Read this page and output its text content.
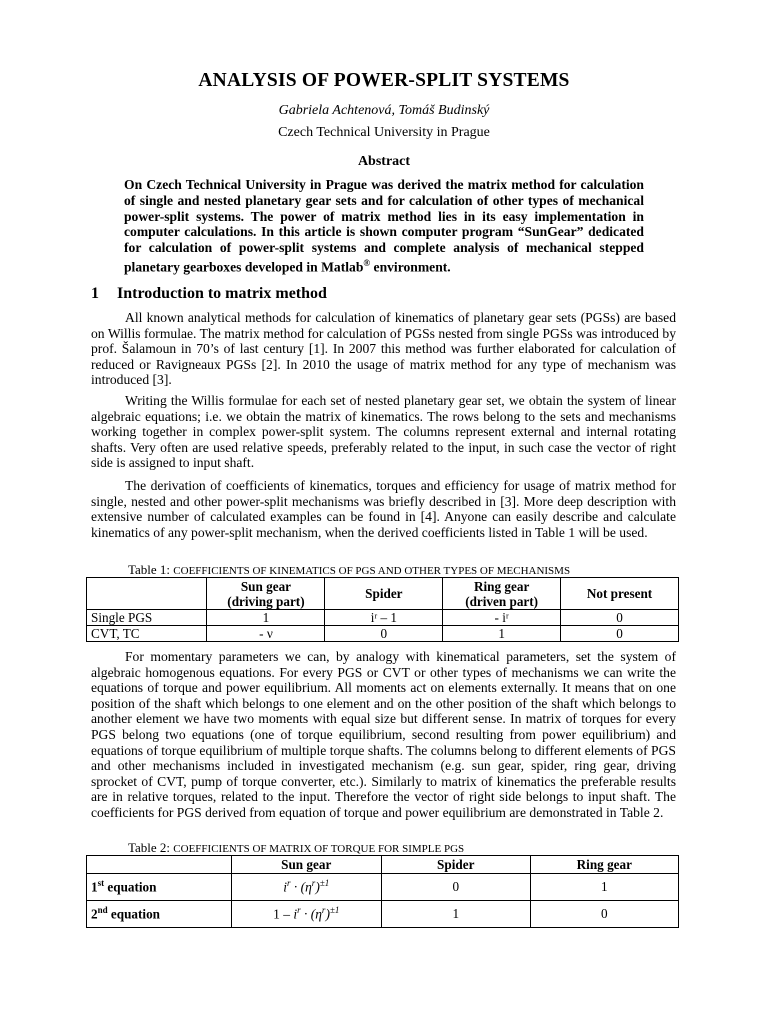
ANALYSIS OF POWER-SPLIT SYSTEMS
Gabriela Achtenová, Tomáš Budinský
Czech Technical University in Prague
Abstract
On Czech Technical University in Prague was derived the matrix method for calculation of single and nested planetary gear sets and for calculation of other types of mechanical power-split systems. The power of matrix method lies in its easy implementation in computer calculations. In this article is shown computer program “SunGear” dedicated for calculation of power-split systems and complete analysis of mechanical stepped planetary gearboxes developed in Matlab® environment.
1 Introduction to matrix method

All known analytical methods for calculation of kinematics of planetary gear sets (PGSs) are based on Willis formulae. The matrix method for calculation of PGSs nested from single PGSs was introduced by prof. Šalamoun in 70’s of last century [1]. In 2007 this method was further elaborated for calculation of reduced or Ravigneaux PGSs [2]. In 2010 the usage of matrix method for any type of mechanism was introduced [3].

Writing the Willis formulae for each set of nested planetary gear set, we obtain the system of linear algebraic equations; i.e. we obtain the matrix of kinematics. The rows belong to the sets and mechanisms working together in complex power-split system. The columns represent external and internal rotating shafts. Very often are used relative speeds, preferably related to the input, in such case the vector of right side is assigned to input shaft.

The derivation of coefficients of kinematics, torques and efficiency for usage of matrix method for single, nested and other power-split mechanisms was briefly described in [3]. More deep description with extensive number of calculated examples can be found in [4]. Anyone can easily describe and calculate kinematics of any power-split mechanism, when the derived coefficients listed in Table 1 will be used.

Table 1: COEFFICIENTS OF KINEMATICS OF PGS AND OTHER TYPES OF MECHANISMS
	Sun gear
(driving part)	Spider	Ring gear
(driven part)	Not present
Single PGS	1	iʳ – 1	- iʳ	0
CVT, TC	- ν	0	1	0

For momentary parameters we can, by analogy with kinematical parameters, set the system of algebraic homogenous equations. For every PGS or CVT or other types of mechanisms we can write the equations of torque and power equilibrium. All moments act on elements externally. It means that on one position of the shaft which belongs to one element and on the other position of the shaft which belongs to another element we have two moments with equal size but different sense. In matrix of torques for every PGS belong two equations (one of torque equilibrium, second resulting from power equilibrium) and equations of torque equilibrium of multiple torque shafts. The columns belong to different elements of PGS and other mechanisms included in investigated mechanism (e.g. sun gear, spider, ring gear, driving sprocket of CVT, pump of torque converter, etc.). Similarly to matrix of kinematics the preferable results are in relative torques, related to the input. Therefore the vector of right side belongs to input shaft. The coefficients for PGS derived from equation of torque and power equilibrium are demonstrated in Table 2.

Table 2: COEFFICIENTS OF MATRIX OF TORQUE FOR SIMPLE PGS
	Sun gear	Spider	Ring gear
1st equation	$i^r \cdot (\eta^r)^{\pm 1}$	0	1
2nd equation	$1 - i^r \cdot (\eta^r)^{\pm 1}$	1	0
